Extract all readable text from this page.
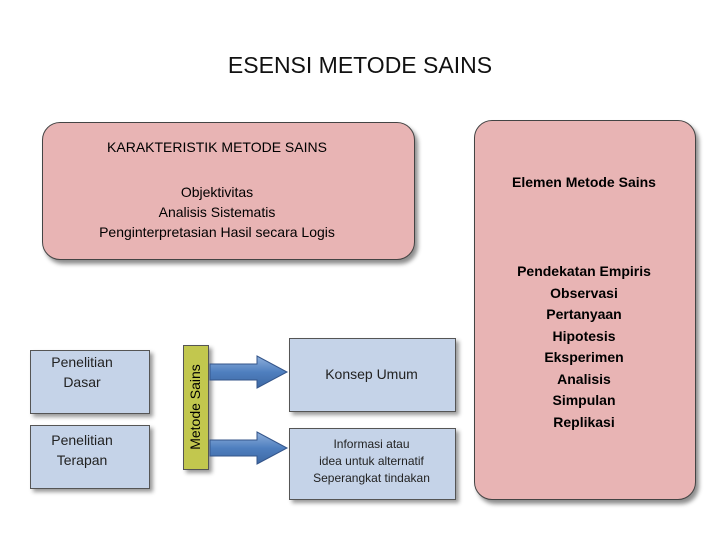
ESENSI METODE SAINS
KARAKTERISTIK METODE SAINS
Objektivitas
Analisis Sistematis
Penginterpretasian Hasil secara Logis
Elemen Metode Sains
Pendekatan Empiris
Observasi
Pertanyaan
Hipotesis
Eksperimen
Analisis
Simpulan
Replikasi
Penelitian
Dasar
Penelitian
Terapan
Metode Sains	Konsep Umum
Informasi atau
idea untuk alternatif
Seperangkat tindakan
